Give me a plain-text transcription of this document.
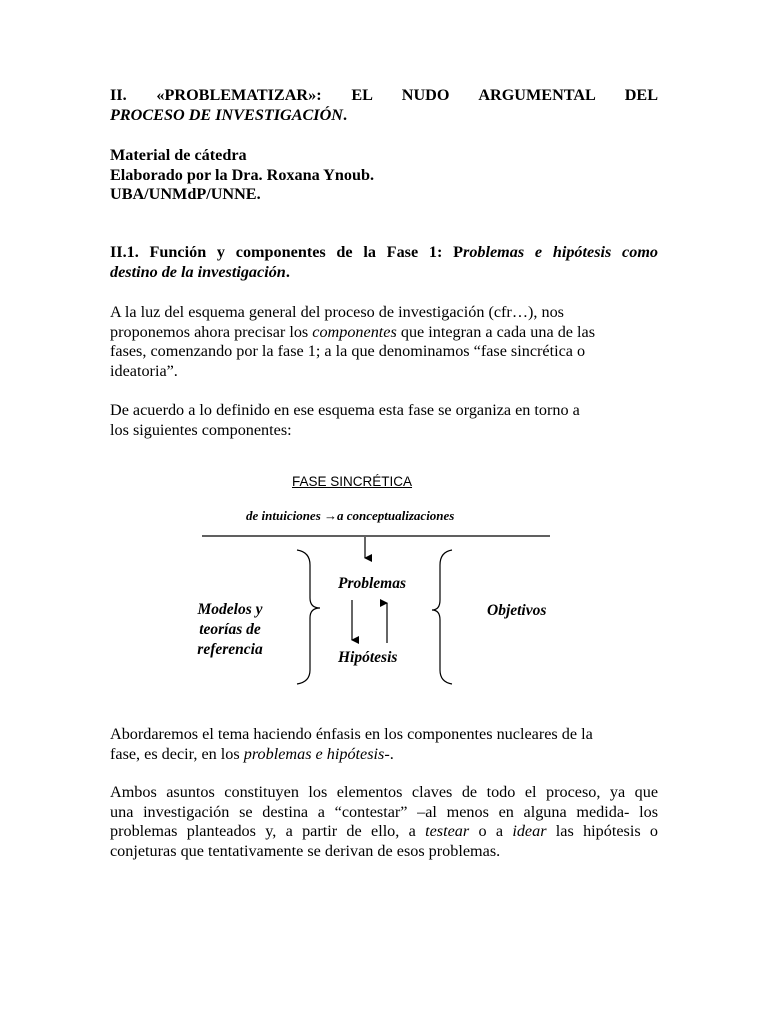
II. «PROBLEMATIZAR»: EL NUDO ARGUMENTAL DEL
PROCESO DE INVESTIGACIÓN.
Material de cátedra
Elaborado por la Dra. Roxana Ynoub.
UBA/UNMdP/UNNE.
II.1. Función y componentes de la Fase 1: Problemas e hipótesis como
destino de la investigación.
A la luz del esquema general del proceso de investigación (cfr…), nos
proponemos ahora precisar los componentes que integran a cada una de las
fases, comenzando por la fase 1; a la que denominamos “fase sincrética o
ideatoria”.
De acuerdo a lo definido en ese esquema esta fase se organiza en torno a
los siguientes componentes:
FASE SINCRÉTICA
de intuiciones →a conceptualizaciones
Modelos y teorías de referencia
Problemas
Hipótesis
Objetivos
Abordaremos el tema haciendo énfasis en los componentes nucleares de la
fase, es decir, en los problemas e hipótesis-.
Ambos asuntos constituyen los elementos claves de todo el proceso, ya que
una investigación se destina a “contestar” –al menos en alguna medida- los
problemas planteados y, a partir de ello, a testear o a idear las hipótesis o
conjeturas que tentativamente se derivan de esos problemas.
